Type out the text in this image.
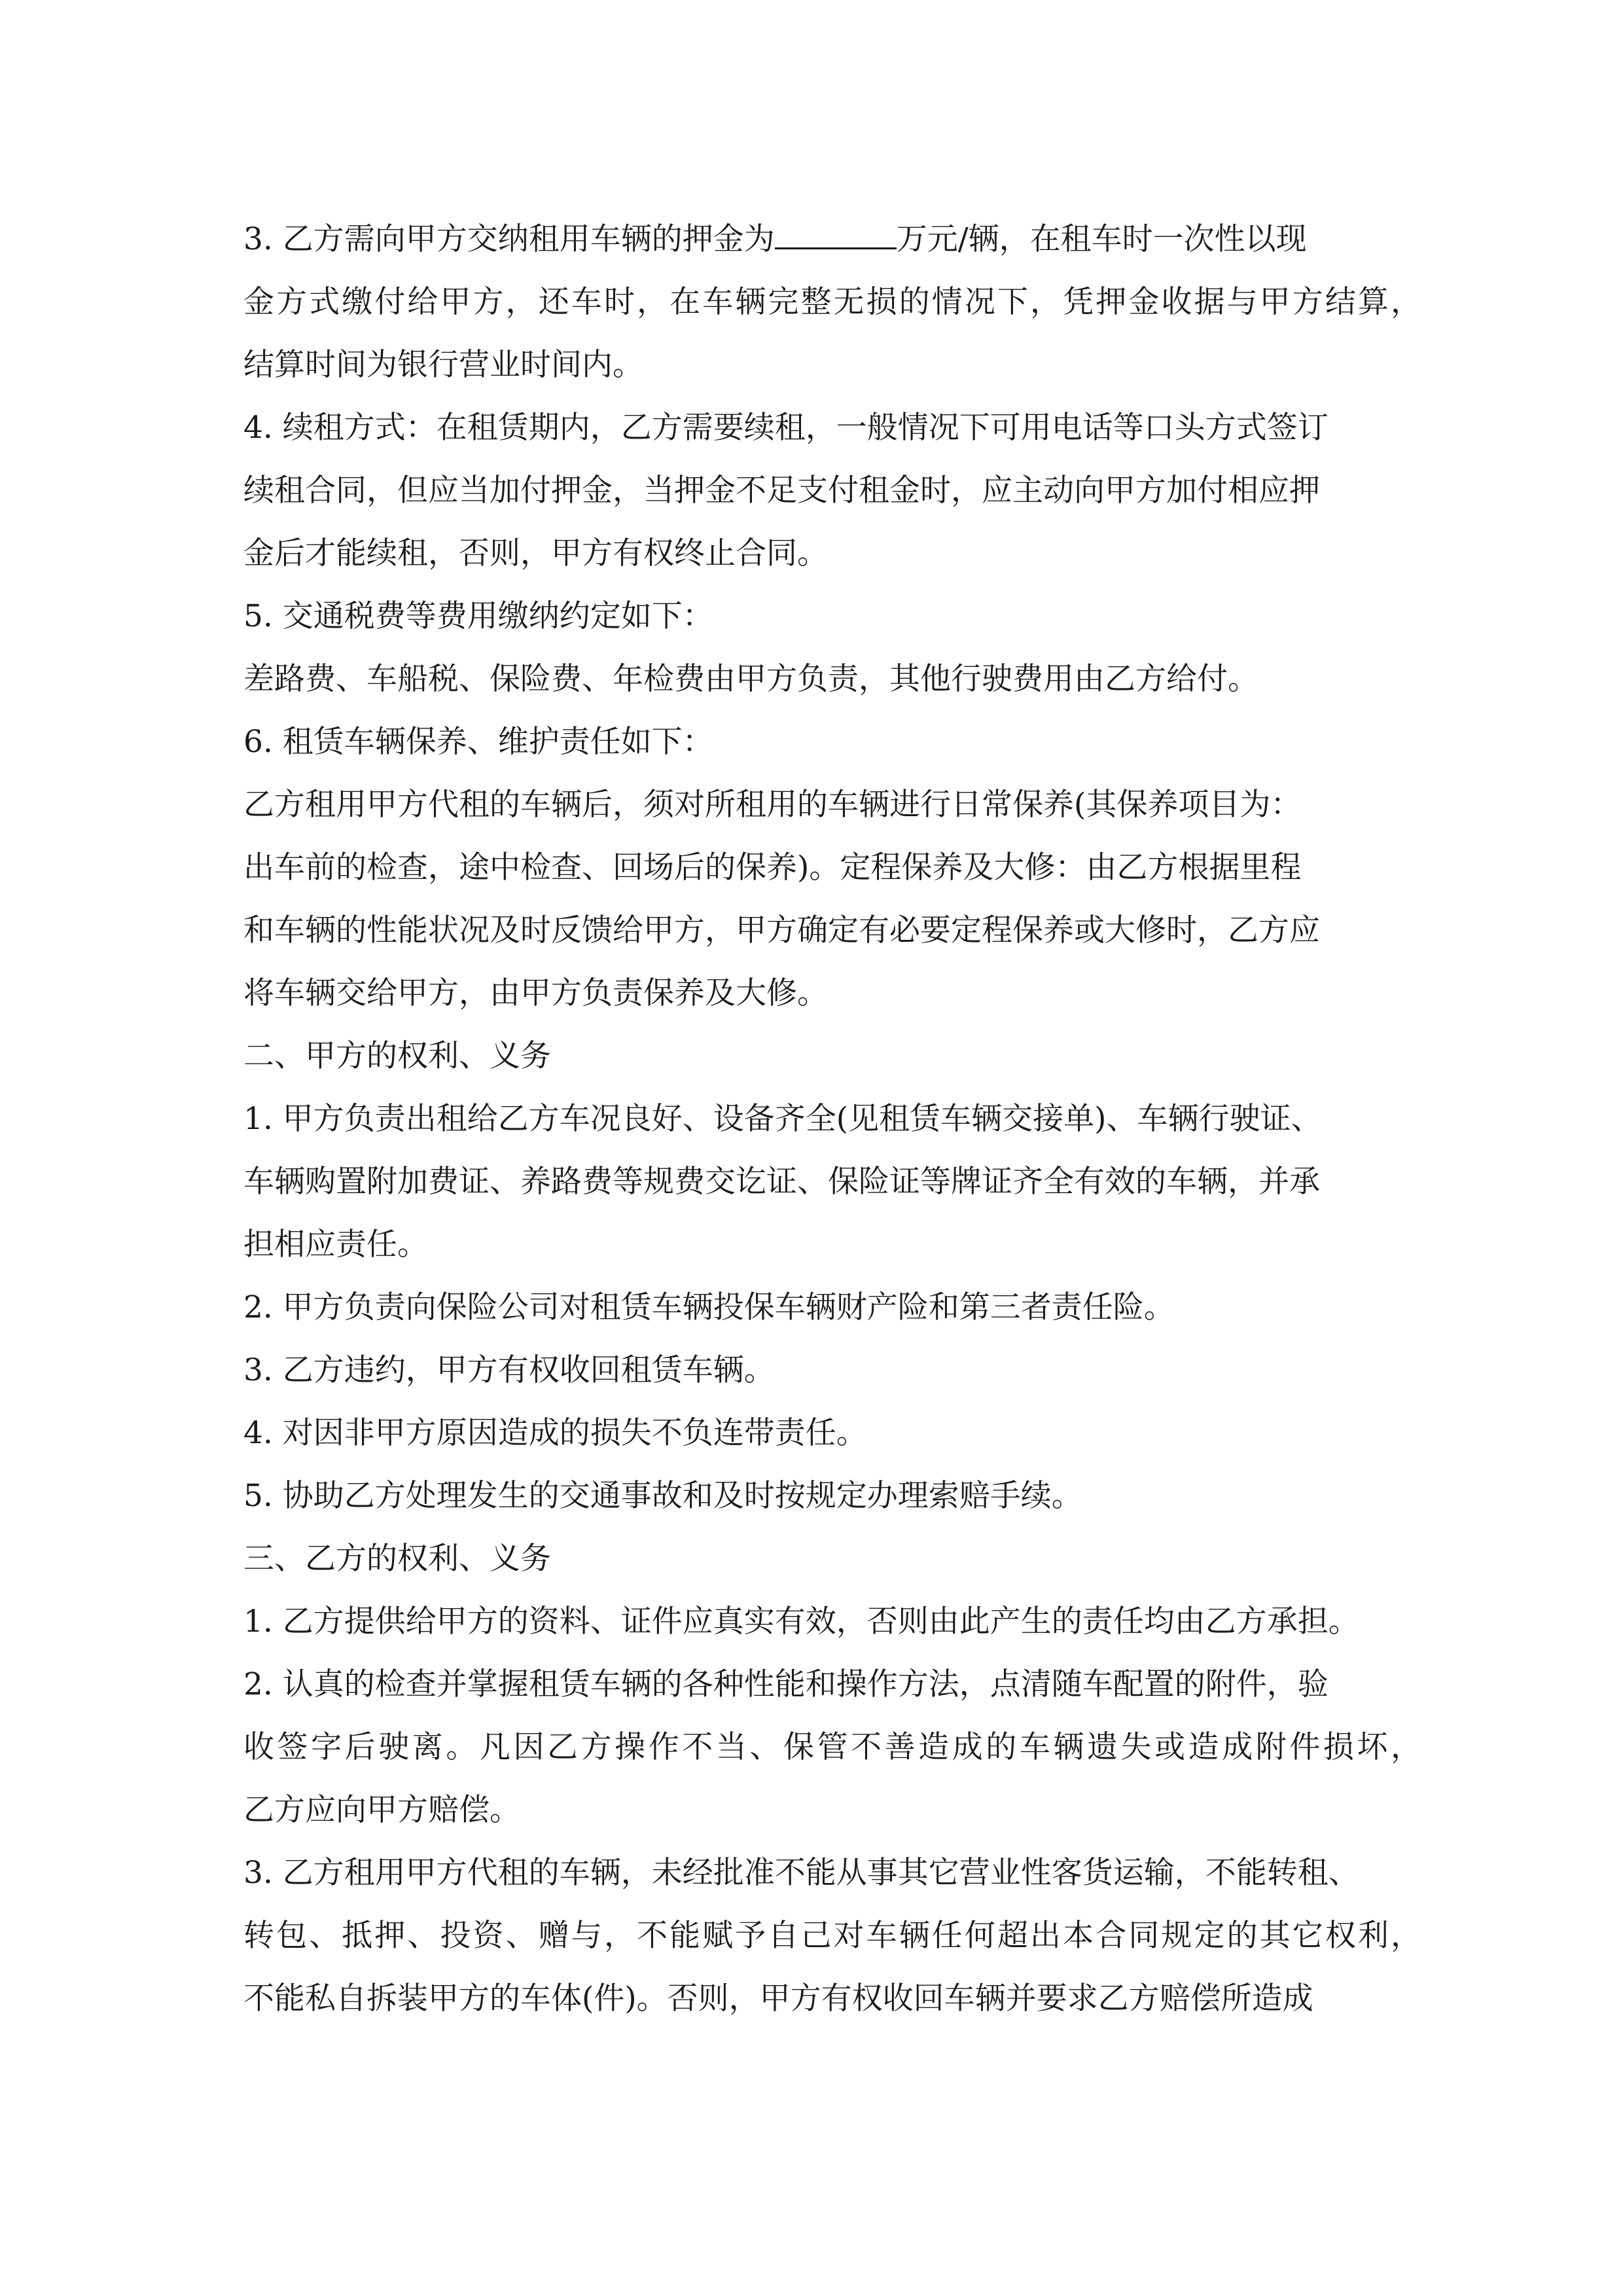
3. 乙方需向甲方交纳租用车辆的押金为	万元/辆，在租车时一次性以现
金方式缴付给甲方，还车时，在车辆完整无损的情况下，凭押金收据与甲方结算，
结算时间为银行营业时间内。
4. 续租方式：在租赁期内，乙方需要续租，一般情况下可用电话等口头方式签订
续租合同，但应当加付押金，当押金不足支付租金时，应主动向甲方加付相应押
金后才能续租，否则，甲方有权终止合同。
5. 交通税费等费用缴纳约定如下：
差路费、车船税、保险费、年检费由甲方负责，其他行驶费用由乙方给付。
6. 租赁车辆保养、维护责任如下：
乙方租用甲方代租的车辆后，须对所租用的车辆进行日常保养(其保养项目为：
出车前的检查，途中检查、回场后的保养)。定程保养及大修：由乙方根据里程
和车辆的性能状况及时反馈给甲方，甲方确定有必要定程保养或大修时，乙方应
将车辆交给甲方，由甲方负责保养及大修。
二、甲方的权利、义务
1. 甲方负责出租给乙方车况良好、设备齐全(见租赁车辆交接单)、车辆行驶证、
车辆购置附加费证、养路费等规费交讫证、保险证等牌证齐全有效的车辆，并承
担相应责任。
2. 甲方负责向保险公司对租赁车辆投保车辆财产险和第三者责任险。
3. 乙方违约，甲方有权收回租赁车辆。
4. 对因非甲方原因造成的损失不负连带责任。
5. 协助乙方处理发生的交通事故和及时按规定办理索赔手续。
三、乙方的权利、义务
1. 乙方提供给甲方的资料、证件应真实有效，否则由此产生的责任均由乙方承担。
2. 认真的检查并掌握租赁车辆的各种性能和操作方法，点清随车配置的附件，验
收签字后驶离。凡因乙方操作不当、保管不善造成的车辆遗失或造成附件损坏，
乙方应向甲方赔偿。
3. 乙方租用甲方代租的车辆，未经批准不能从事其它营业性客货运输，不能转租、
转包、抵押、投资、赠与，不能赋予自己对车辆任何超出本合同规定的其它权利，
不能私自拆装甲方的车体(件)。否则，甲方有权收回车辆并要求乙方赔偿所造成
